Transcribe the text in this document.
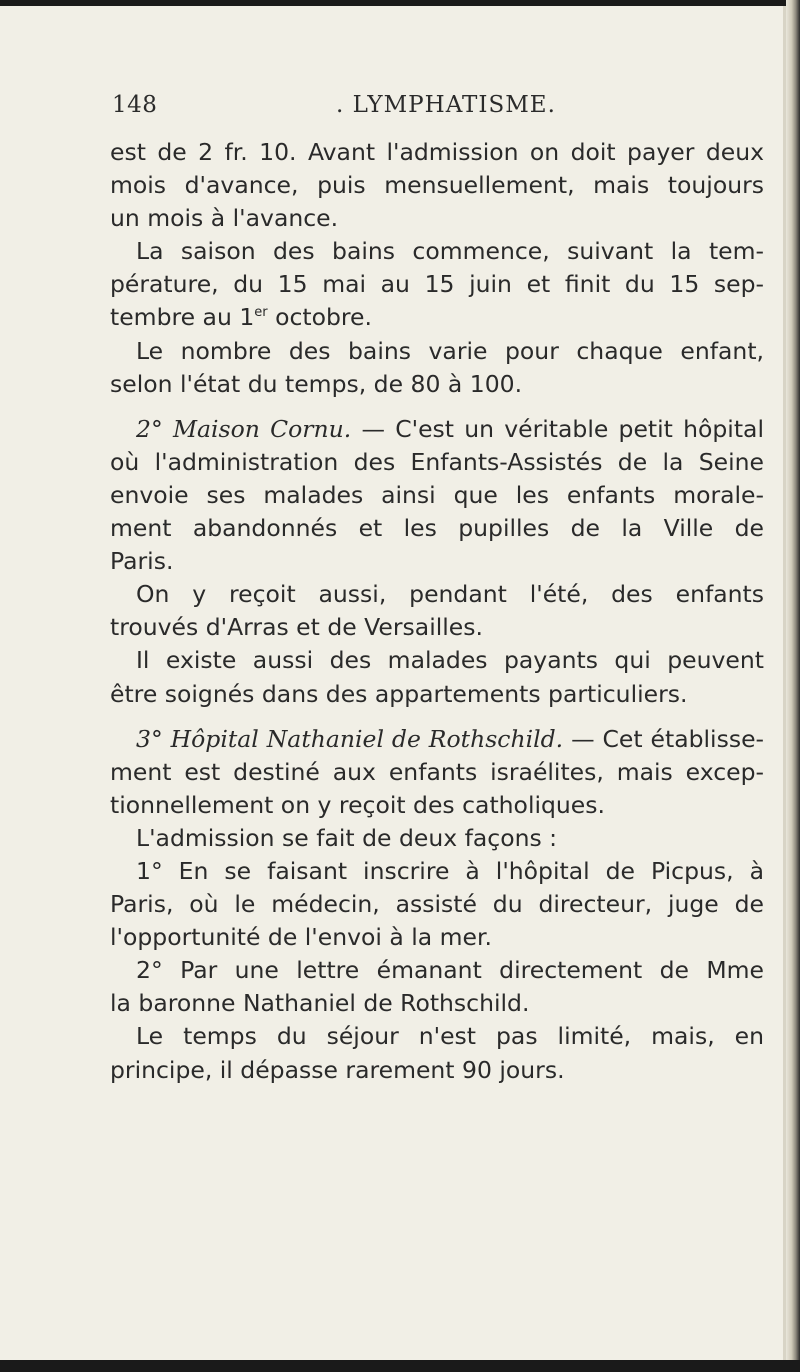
148	. LYMPHATISME.

est de 2 fr. 10. Avant l'admission on doit payer deux

mois d'avance, puis mensuellement, mais toujours

un mois à l'avance.

La saison des bains commence, suivant la tem-

pérature, du 15 mai au 15 juin et finit du 15 sep-

tembre au 1er octobre.

Le nombre des bains varie pour chaque enfant,

selon l'état du temps, de 80 à 100.

2° Maison Cornu. — C'est un véritable petit hôpital

où l'administration des Enfants-Assistés de la Seine

envoie ses malades ainsi que les enfants morale-

ment abandonnés et les pupilles de la Ville de

Paris.

On y reçoit aussi, pendant l'été, des enfants

trouvés d'Arras et de Versailles.

Il existe aussi des malades payants qui peuvent

être soignés dans des appartements particuliers.

3° Hôpital Nathaniel de Rothschild. — Cet établisse-

ment est destiné aux enfants israélites, mais excep-

tionnellement on y reçoit des catholiques.

L'admission se fait de deux façons :

1° En se faisant inscrire à l'hôpital de Picpus, à

Paris, où le médecin, assisté du directeur, juge de

l'opportunité de l'envoi à la mer.

2° Par une lettre émanant directement de Mme

la baronne Nathaniel de Rothschild.

Le temps du séjour n'est pas limité, mais, en

principe, il dépasse rarement 90 jours.
